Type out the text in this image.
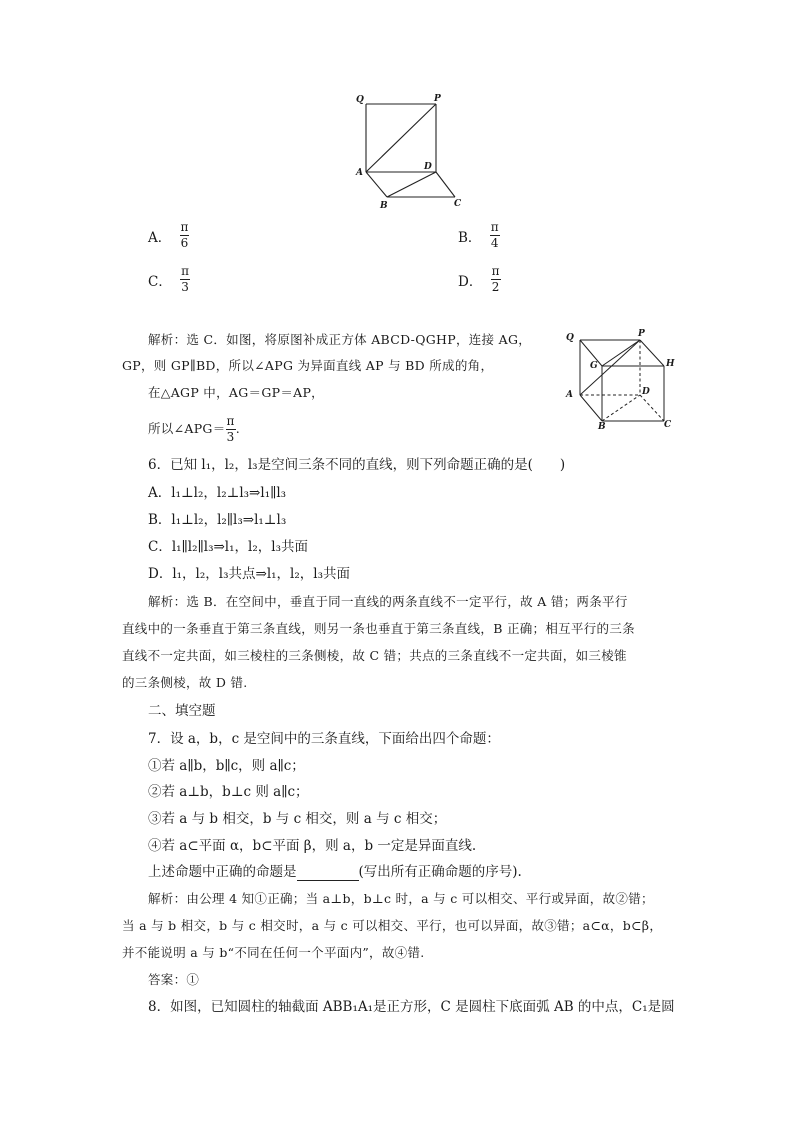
Q	P
A
D
B	C
A． $\frac{\pi}{6}$	B． $\frac{\pi}{4}$
C． $\frac{\pi}{3}$	D． $\frac{\pi}{2}$
解析：选 C．如图，将原图补成正方体 ABCD-QGHP，连接 AG，
GP，则 GP∥BD，所以∠APG 为异面直线 AP 与 BD 所成的角，
在△AGP 中，AG＝GP＝AP，
所以∠APG＝ $\frac{\pi}{3}$ .
Q	P
G	H
A	D
B	C
6．已知 l₁，l₂，l₃是空间三条不同的直线，则下列命题正确的是(　　)
A．l₁⊥l₂，l₂⊥l₃⇒l₁∥l₃
B．l₁⊥l₂，l₂∥l₃⇒l₁⊥l₃
C．l₁∥l₂∥l₃⇒l₁，l₂，l₃共面
D．l₁，l₂，l₃共点⇒l₁，l₂，l₃共面
解析：选 B．在空间中，垂直于同一直线的两条直线不一定平行，故 A 错；两条平行
直线中的一条垂直于第三条直线，则另一条也垂直于第三条直线，B 正确；相互平行的三条
直线不一定共面，如三棱柱的三条侧棱，故 C 错；共点的三条直线不一定共面，如三棱锥
的三条侧棱，故 D 错.
二、填空题
7．设 a，b，c 是空间中的三条直线，下面给出四个命题：
①若 a∥b，b∥c，则 a∥c；
②若 a⊥b，b⊥c 则 a∥c；
③若 a 与 b 相交，b 与 c 相交，则 a 与 c 相交；
④若 a⊂平面 α，b⊂平面 β，则 a，b 一定是异面直线.
上述命题中正确的命题是	(写出所有正确命题的序号).
解析：由公理 4 知①正确；当 a⊥b，b⊥c 时，a 与 c 可以相交、平行或异面，故②错；
当 a 与 b 相交，b 与 c 相交时，a 与 c 可以相交、平行，也可以异面，故③错；a⊂α，b⊂β，
并不能说明 a 与 b“不同在任何一个平面内”，故④错.
答案：①
8．如图，已知圆柱的轴截面 ABB₁A₁是正方形，C 是圆柱下底面弧 AB 的中点，C₁是圆
